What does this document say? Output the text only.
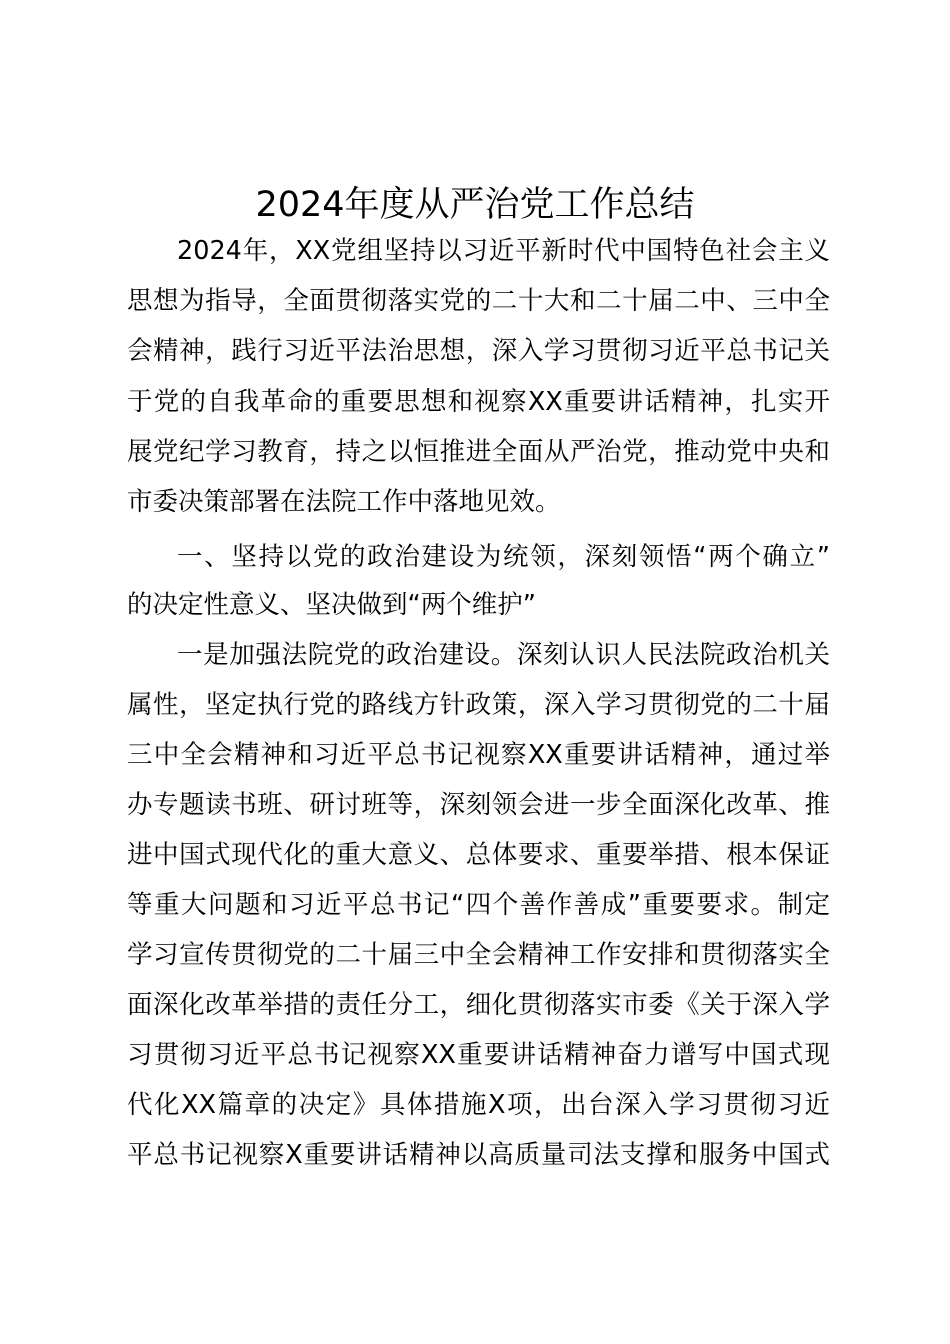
2024年度从严治党工作总结
2024年，XX党组坚持以习近平新时代中国特色社会主义
思想为指导，全面贯彻落实党的二十大和二十届二中、三中全
会精神，践行习近平法治思想，深入学习贯彻习近平总书记关
于党的自我革命的重要思想和视察XX重要讲话精神，扎实开
展党纪学习教育，持之以恒推进全面从严治党，推动党中央和
市委决策部署在法院工作中落地见效。
一、坚持以党的政治建设为统领，深刻领悟“两个确立”
的决定性意义、坚决做到“两个维护”
一是加强法院党的政治建设。深刻认识人民法院政治机关
属性，坚定执行党的路线方针政策，深入学习贯彻党的二十届
三中全会精神和习近平总书记视察XX重要讲话精神，通过举
办专题读书班、研讨班等，深刻领会进一步全面深化改革、推
进中国式现代化的重大意义、总体要求、重要举措、根本保证
等重大问题和习近平总书记“四个善作善成”重要要求。制定
学习宣传贯彻党的二十届三中全会精神工作安排和贯彻落实全
面深化改革举措的责任分工，细化贯彻落实市委《关于深入学
习贯彻习近平总书记视察XX重要讲话精神奋力谱写中国式现
代化XX篇章的决定》具体措施X项，出台深入学习贯彻习近
平总书记视察X重要讲话精神以高质量司法支撑和服务中国式
